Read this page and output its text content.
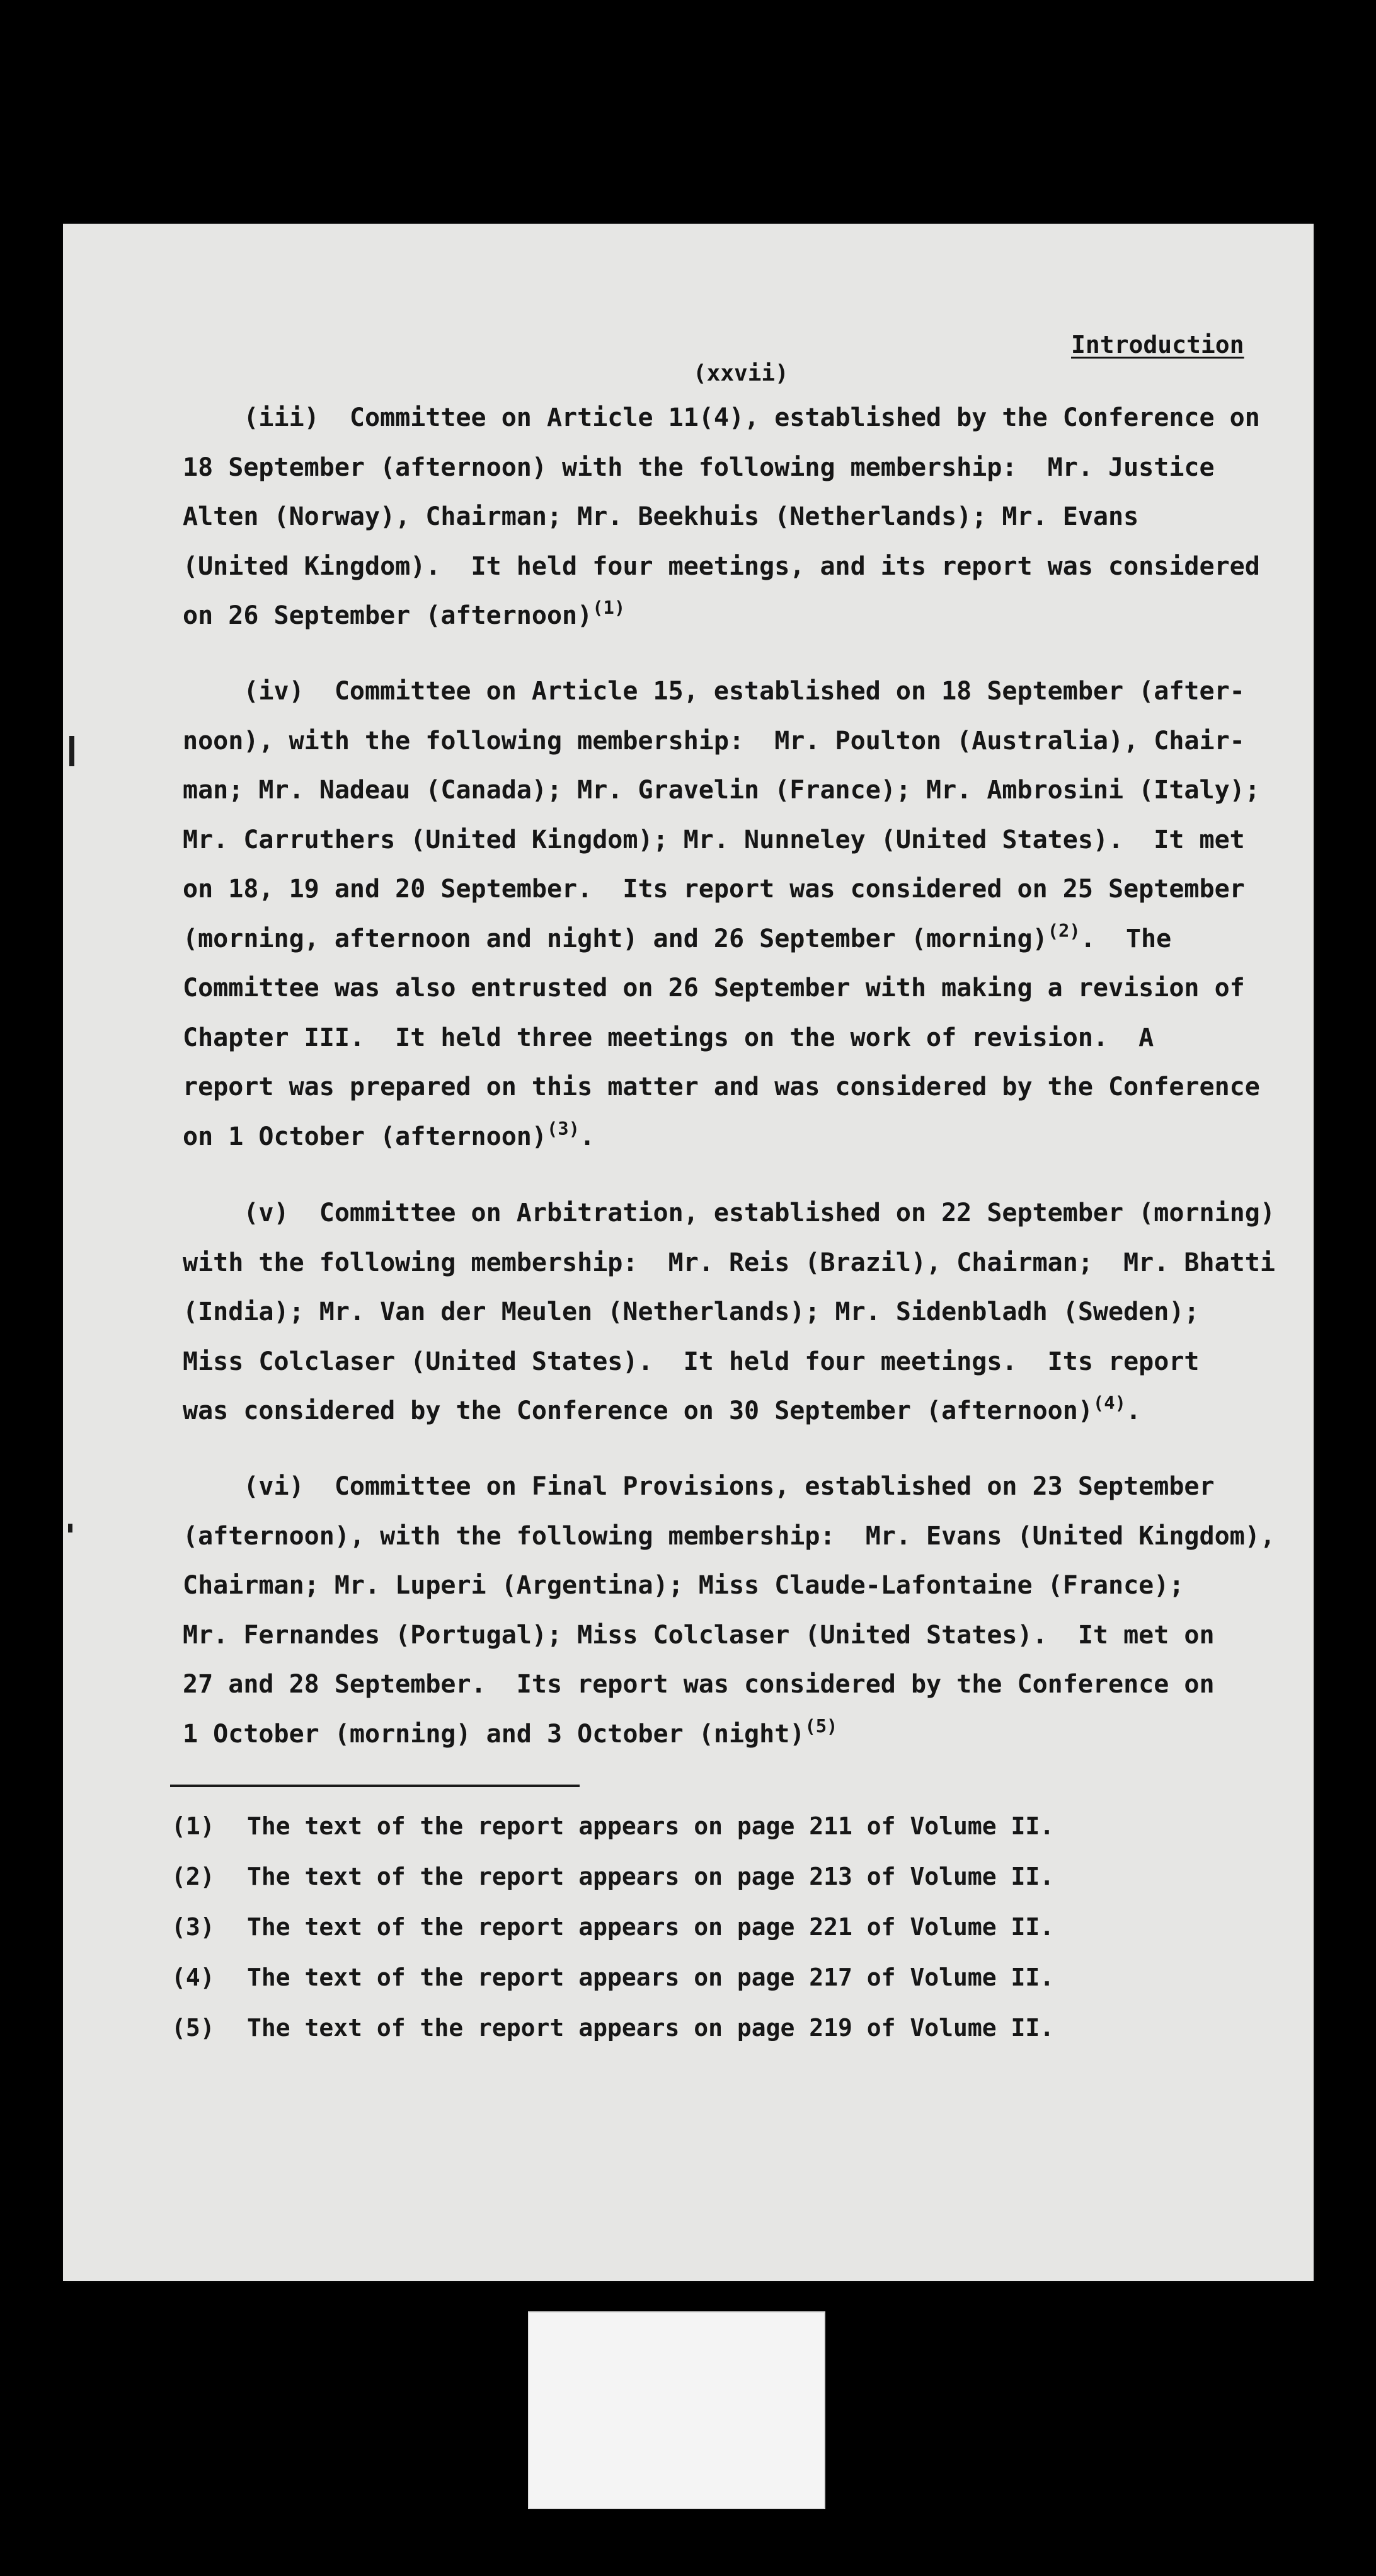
Introduction
(xxvii)
(iii)  Committee on Article 11(4), established by the Conference on
18 September (afternoon) with the following membership:  Mr. Justice
Alten (Norway), Chairman; Mr. Beekhuis (Netherlands); Mr. Evans
(United Kingdom).  It held four meetings, and its report was considered
on 26 September (afternoon)$^{(1)}$
(iv)  Committee on Article 15, established on 18 September (after-
noon), with the following membership:  Mr. Poulton (Australia), Chair-
man; Mr. Nadeau (Canada); Mr. Gravelin (France); Mr. Ambrosini (Italy);
Mr. Carruthers (United Kingdom); Mr. Nunneley (United States).  It met
on 18, 19 and 20 September.  Its report was considered on 25 September
(morning, afternoon and night) and 26 September (morning)$^{(2)}$.  The
Committee was also entrusted on 26 September with making a revision of
Chapter III.  It held three meetings on the work of revision.  A
report was prepared on this matter and was considered by the Conference
on 1 October (afternoon)$^{(3)}$.
(v)  Committee on Arbitration, established on 22 September (morning)
with the following membership:  Mr. Reis (Brazil), Chairman;  Mr. Bhatti
(India); Mr. Van der Meulen (Netherlands); Mr. Sidenbladh (Sweden);
Miss Colclaser (United States).  It held four meetings.  Its report
was considered by the Conference on 30 September (afternoon)$^{(4)}$.
(vi)  Committee on Final Provisions, established on 23 September
(afternoon), with the following membership:  Mr. Evans (United Kingdom),
Chairman; Mr. Luperi (Argentina); Miss Claude-Lafontaine (France);
Mr. Fernandes (Portugal); Miss Colclaser (United States).  It met on
27 and 28 September.  Its report was considered by the Conference on
1 October (morning) and 3 October (night)$^{(5)}$
(1) The text of the report appears on page 211 of Volume II.
(2) The text of the report appears on page 213 of Volume II.
(3) The text of the report appears on page 221 of Volume II.
(4) The text of the report appears on page 217 of Volume II.
(5) The text of the report appears on page 219 of Volume II.
